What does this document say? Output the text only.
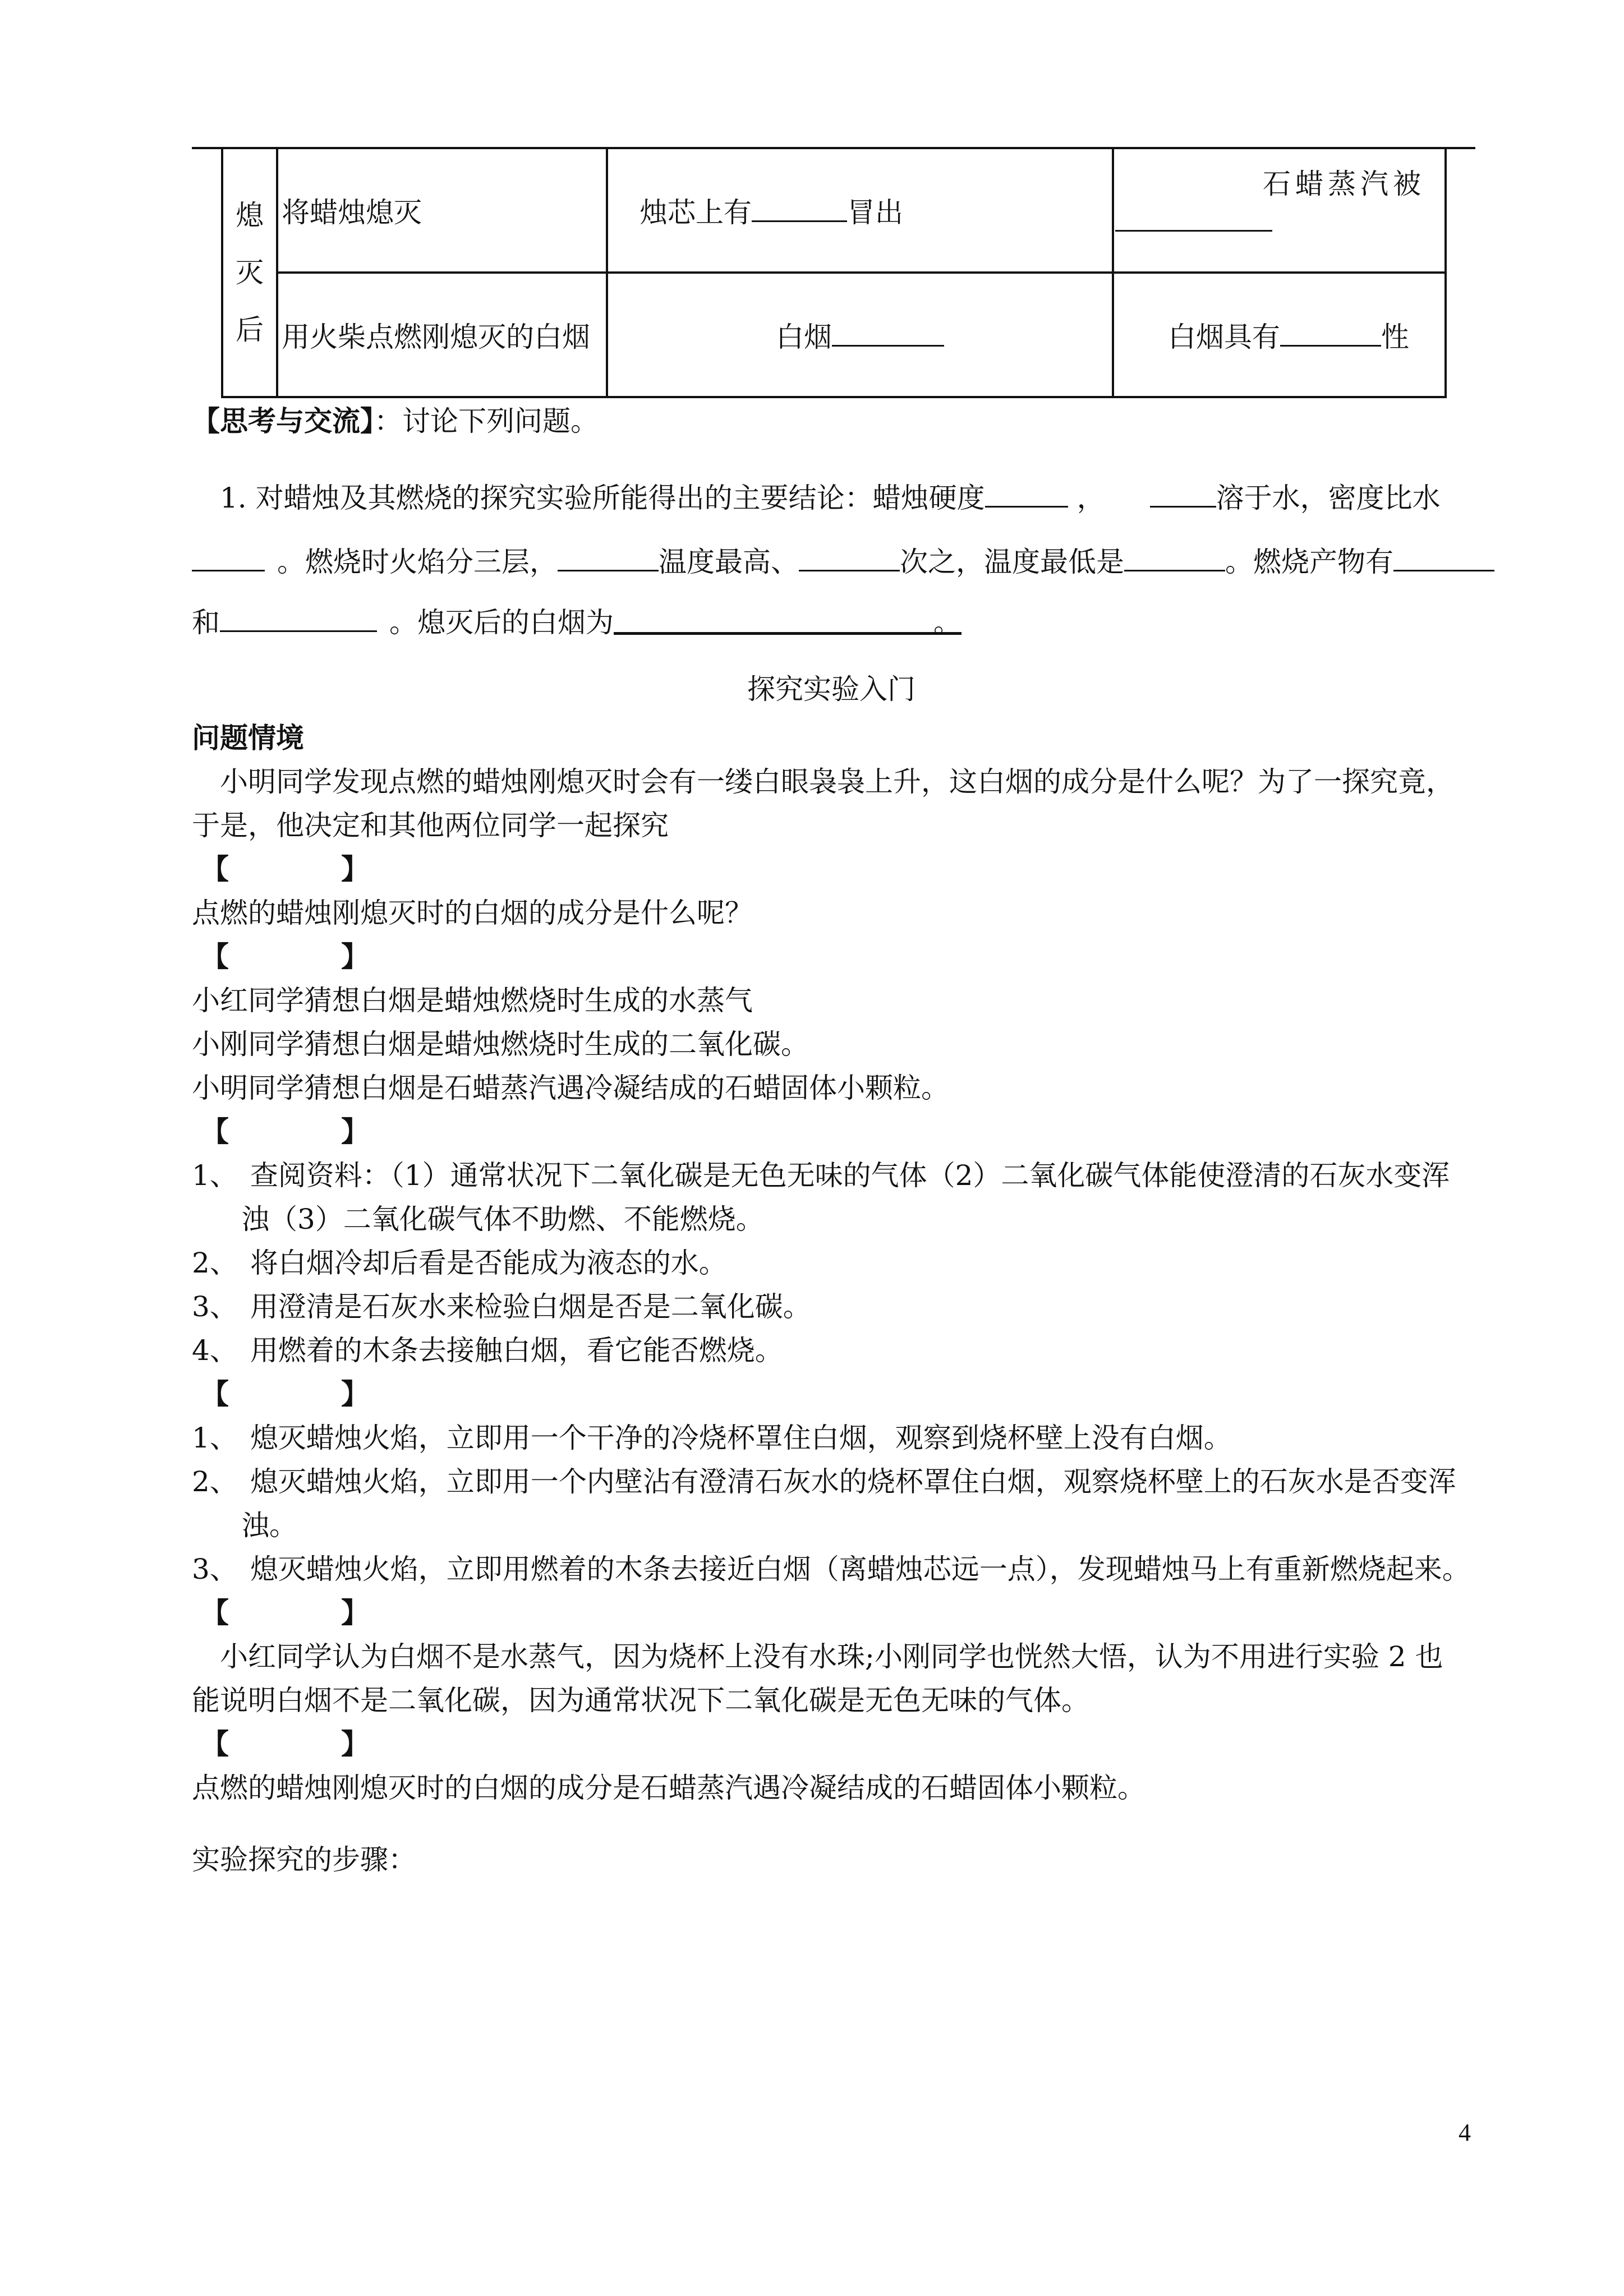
熄
灭
后	将蜡烛熄灭	烛芯上有 冒出	石蜡蒸汽被

	用火柴点燃刚熄灭的白烟	白烟	白烟具有 性
【思考与交流】：讨论下列问题。
1. 对蜡烛及其燃烧的探究实验所能得出的主要结论：蜡烛硬度	，	溶于水，密度比水
。燃烧时火焰分三层，	温度最高、	次之，温度最低是	。燃烧产物有
和	。熄灭后的白烟为	。
探究实验入门
问题情境
小明同学发现点燃的蜡烛刚熄灭时会有一缕白眼袅袅上升，这白烟的成分是什么呢？为了一探究竟，
于是，他决定和其他两位同学一起探究
【	】
点燃的蜡烛刚熄灭时的白烟的成分是什么呢？
【	】
小红同学猜想白烟是蜡烛燃烧时生成的水蒸气
小刚同学猜想白烟是蜡烛燃烧时生成的二氧化碳。
小明同学猜想白烟是石蜡蒸汽遇冷凝结成的石蜡固体小颗粒。
【	】
1、 查阅资料：（1）通常状况下二氧化碳是无色无味的气体（2）二氧化碳气体能使澄清的石灰水变浑
浊（3）二氧化碳气体不助燃、不能燃烧。
2、 将白烟冷却后看是否能成为液态的水。
3、 用澄清是石灰水来检验白烟是否是二氧化碳。
4、 用燃着的木条去接触白烟，看它能否燃烧。
【	】
1、 熄灭蜡烛火焰，立即用一个干净的冷烧杯罩住白烟，观察到烧杯壁上没有白烟。
2、 熄灭蜡烛火焰，立即用一个内壁沾有澄清石灰水的烧杯罩住白烟，观察烧杯壁上的石灰水是否变浑
浊。
3、 熄灭蜡烛火焰，立即用燃着的木条去接近白烟（离蜡烛芯远一点），发现蜡烛马上有重新燃烧起来。
【	】
小红同学认为白烟不是水蒸气，因为烧杯上没有水珠;小刚同学也恍然大悟，认为不用进行实验 2 也
能说明白烟不是二氧化碳，因为通常状况下二氧化碳是无色无味的气体。
【	】
点燃的蜡烛刚熄灭时的白烟的成分是石蜡蒸汽遇冷凝结成的石蜡固体小颗粒。
实验探究的步骤：
4
